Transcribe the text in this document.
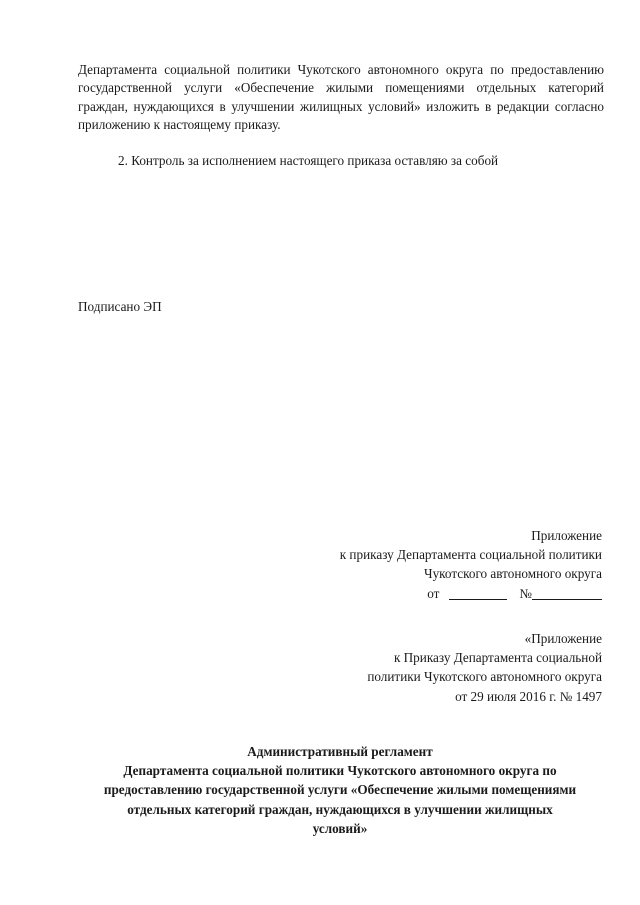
Департамента социальной политики Чукотского автономного округа по предоставлению государственной услуги «Обеспечение жилыми помещениями отдельных категорий граждан, нуждающихся в улучшении жилищных условий» изложить в редакции согласно приложению к настоящему приказу.

2. Контроль за исполнением настоящего приказа оставляю за собой

Подписано ЭП
Приложение
к приказу Департамента социальной политики
Чукотского автономного округа
от	№
«Приложение
к Приказу Департамента социальной
политики Чукотского автономного округа
от 29 июля 2016 г. № 1497
Административный регламент
Департамента социальной политики Чукотского автономного округа по
предоставлению государственной услуги «Обеспечение жилыми помещениями
отдельных категорий граждан, нуждающихся в улучшении жилищных
условий»
